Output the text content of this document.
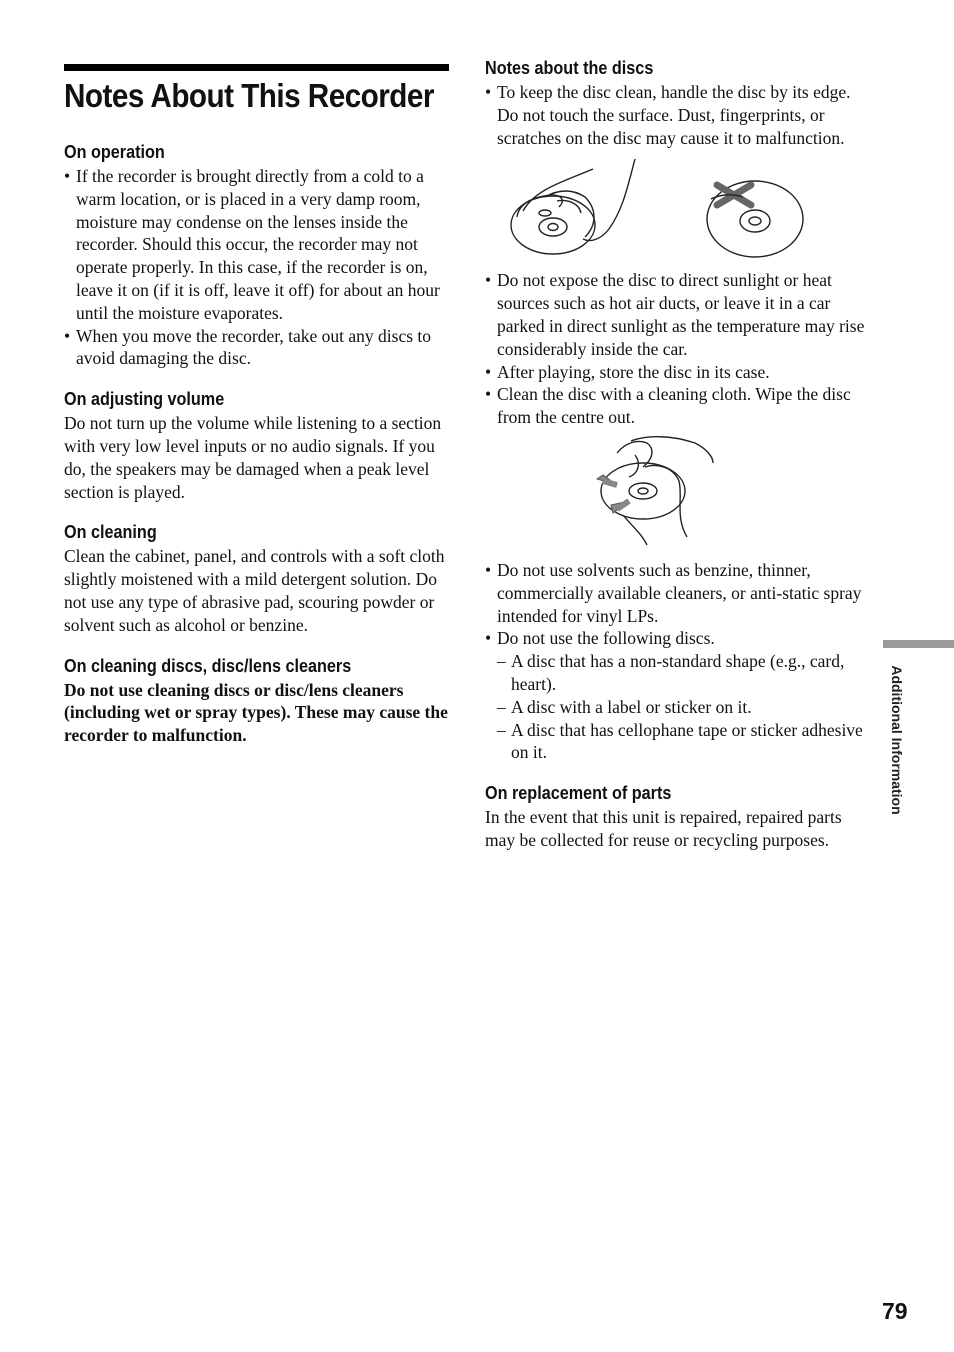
Notes About This Recorder
On operation
• If the recorder is brought directly from a cold to a warm location, or is placed in a very damp room, moisture may condense on the lenses inside the recorder. Should this occur, the recorder may not operate properly. In this case, if the recorder is on, leave it on (if it is off, leave it off) for about an hour until the moisture evaporates.
• When you move the recorder, take out any discs to avoid damaging the disc.
On adjusting volume

Do not turn up the volume while listening to a section with very low level inputs or no audio signals. If you do, the speakers may be damaged when a peak level section is played.

On cleaning

Clean the cabinet, panel, and controls with a soft cloth slightly moistened with a mild detergent solution. Do not use any type of abrasive pad, scouring powder or solvent such as alcohol or benzine.

On cleaning discs, disc/lens cleaners

Do not use cleaning discs or disc/lens cleaners (including wet or spray types). These may cause the recorder to malfunction.

Notes about the discs
• To keep the disc clean, handle the disc by its edge. Do not touch the surface. Dust, fingerprints, or scratches on the disc may cause it to malfunction.
• Do not expose the disc to direct sunlight or heat sources such as hot air ducts, or leave it in a car parked in direct sunlight as the temperature may rise considerably inside the car.
• After playing, store the disc in its case.
• Clean the disc with a cleaning cloth. Wipe the disc from the centre out.
• Do not use solvents such as benzine, thinner, commercially available cleaners, or anti-static spray intended for vinyl LPs.
• Do not use the following discs.
– A disc that has a non-standard shape (e.g., card, heart).
– A disc with a label or sticker on it.
– A disc that has cellophane tape or sticker adhesive on it.
On replacement of parts

In the event that this unit is repaired, repaired parts may be collected for reuse or recycling purposes.

Additional Information
79
